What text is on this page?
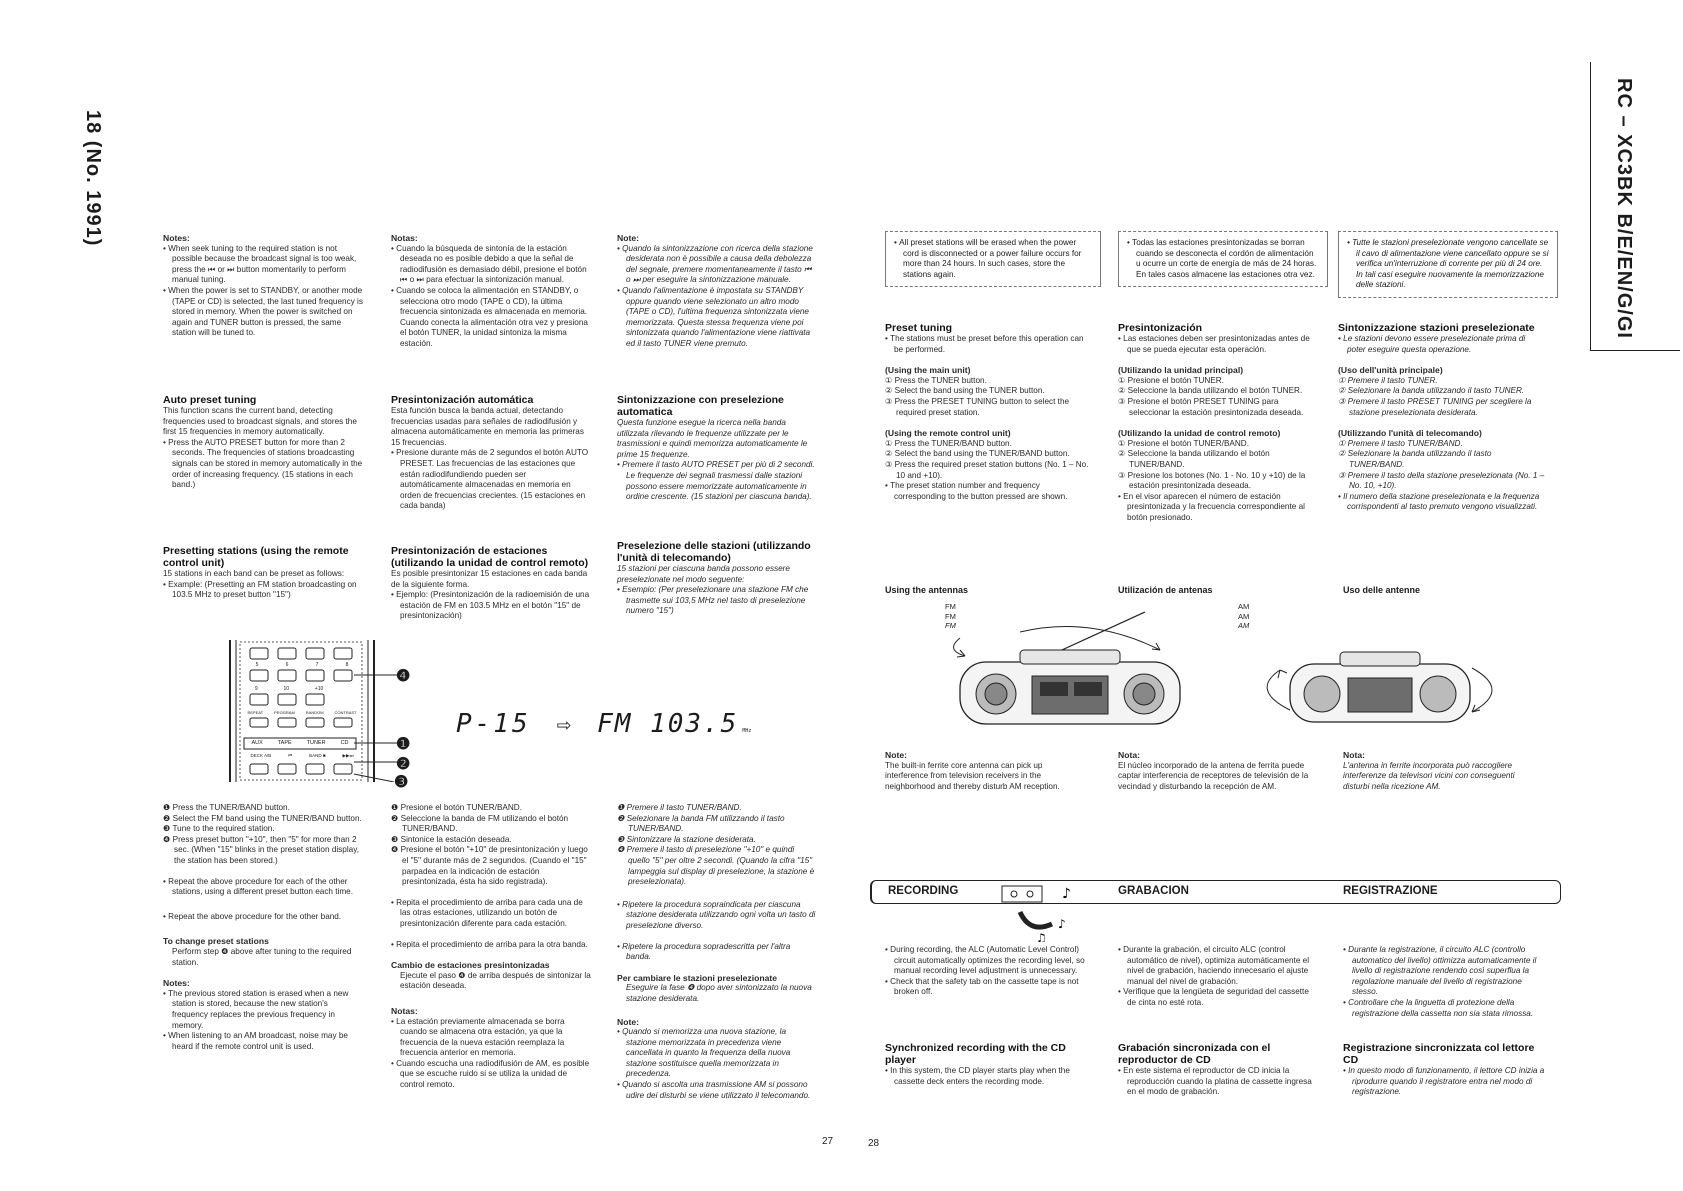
18 (No. 1991)	RC – XC3BK B/E/EN/G/GI

Notes:

• When seek tuning to the required station is not possible because the broadcast signal is too weak, press the ⏮ or ⏭ button momentarily to perform manual tuning.

• When the power is set to STANDBY, or another mode (TAPE or CD) is selected, the last tuned frequency is stored in memory. When the power is switched on again and TUNER button is pressed, the same station will be tuned to.

Auto preset tuning

This function scans the current band, detecting frequencies used to broadcast signals, and stores the first 15 frequencies in memory automatically.

• Press the AUTO PRESET button for more than 2 seconds. The frequencies of stations broadcasting signals can be stored in memory automatically in the order of increasing frequency. (15 stations in each band.)

Presetting stations (using the remote control unit)

15 stations in each band can be preset as follows:

• Example: (Presetting an FM station broadcasting on 103.5 MHz to preset button "15")

❶ Press the TUNER/BAND button.

❷ Select the FM band using the TUNER/BAND button.

❸ Tune to the required station.

❹ Press preset button "+10", then "5" for more than 2 sec. (When "15" blinks in the preset station display, the station has been stored.)

• Repeat the above procedure for each of the other stations, using a different preset button each time.

• Repeat the above procedure for the other band.

To change preset stations

Perform step ❹ above after tuning to the required station.

Notes:

• The previous stored station is erased when a new station is stored, because the new station's frequency replaces the previous frequency in memory.

• When listening to an AM broadcast, noise may be heard if the remote control unit is used.

Notas:

• Cuando la búsqueda de sintonía de la estación deseada no es posible debido a que la señal de radiodifusión es demasiado débil, presione el botón ⏮ o ⏭ para efectuar la sintonización manual.

• Cuando se coloca la alimentación en STANDBY, o selecciona otro modo (TAPE o CD), la última frecuencia sintonizada es almacenada en memoria. Cuando conecta la alimentación otra vez y presiona el botón TUNER, la unidad sintoniza la misma estación.

Presintonización automática

Esta función busca la banda actual, detectando frecuencias usadas para señales de radiodifusión y almacena automáticamente en memoria las primeras 15 frecuencias.

• Presione durante más de 2 segundos el botón AUTO PRESET. Las frecuencias de las estaciones que están radiodifundiendo pueden ser automáticamente almacenadas en memoria en orden de frecuencias crecientes. (15 estaciones en cada banda)

Presintonización de estaciones (utilizando la unidad de control remoto)

Es posible presintonizar 15 estaciones en cada banda de la siguiente forma.

• Ejemplo: (Presintonización de la radioemisión de una estación de FM en 103.5 MHz en el botón "15" de presintonización)

❶ Presione el botón TUNER/BAND.

❷ Seleccione la banda de FM utilizando el botón TUNER/BAND.

❸ Sintonice la estación deseada.

❹ Presione el botón "+10" de presintonización y luego el "5" durante más de 2 segundos. (Cuando el "15" parpadea en la indicación de estación presintonizada, ésta ha sido registrada).

• Repita el procedimiento de arriba para cada una de las otras estaciones, utilizando un botón de presintonización diferente para cada estación.

• Repita el procedimiento de arriba para la otra banda.

Cambio de estaciones presintonizadas

Ejecute el paso ❹ de arriba después de sintonizar la estación deseada.

Notas:

• La estación previamente almacenada se borra cuando se almacena otra estación, ya que la frecuencia de la nueva estación reemplaza la frecuencia anterior en memoria.

• Cuando escucha una radiodifusión de AM, es posible que se escuche ruido si se utiliza la unidad de control remoto.

Note:

• Quando la sintonizzazione con ricerca della stazione desiderata non è possibile a causa della debolezza del segnale, premere momentaneamente il tasto ⏮ o ⏭ per eseguire la sintonizzazione manuale.

• Quando l'alimentazione è impostata su STANDBY oppure quando viene selezionato un altro modo (TAPE o CD), l'ultima frequenza sintonizzata viene memorizzata. Questa stessa frequenza viene poi sintonizzata quando l'alimentazione viene riattivata ed il tasto TUNER viene premuto.

Sintonizzazione con preselezione automatica

Questa funzione esegue la ricerca nella banda utilizzata rilevando le frequenze utilizzate per le trasmissioni e quindi memorizza automaticamente le prime 15 frequenze.

• Premere il tasto AUTO PRESET per più di 2 secondi. Le frequenze dei segnali trasmessi dalle stazioni possono essere memorizzate automaticamente in ordine crescente. (15 stazioni per ciascuna banda).

Preselezione delle stazioni (utilizzando l'unità di telecomando)

15 stazioni per ciascuna banda possono essere preselezionate nel modo seguente:

• Esempio: (Per preselezionare una stazione FM che trasmette sui 103,5 MHz nel tasto di preselezione numero "15")

❶ Premere il tasto TUNER/BAND.

❷ Selezionare la banda FM utilizzando il tasto TUNER/BAND.

❸ Sintonizzare la stazione desiderata.

❹ Premere il tasto di preselezione "+10" e quindi quello "5" per oltre 2 secondi. (Quando la cifra "15" lampeggia sul display di preselezione, la stazione è preselezionata).

• Ripetere la procedura sopraindicata per ciascuna stazione desiderata utilizzando ogni volta un tasto di preselezione diverso.

• Ripetere la procedura sopradescritta per l'altra banda.

Per cambiare le stazioni preselezionate

Eseguire la fase ❹ dopo aver sintonizzato la nuova stazione desiderata.

Note:

• Quando si memorizza una nuova stazione, la stazione memorizzata in precedenza viene cancellata in quanto la frequenza della nuova stazione sostituisce quella memorizzata in precedenza.

• Quando si ascolta una trasmissione AM si possono udire dei disturbi se viene utilizzato il telecomando.

5	6	7	8
9	10	+10
REPEAT	PROGRAM	RANDOM	CONTRAST
AUX	TAPE	TUNER	CD
DECK A/B	⏮	BAND ■	▶▶⏭
❹
❶
❷
❸
P-15 ⇨ FM 103.5 MHz
27	28

• All preset stations will be erased when the power cord is disconnected or a power failure occurs for more than 24 hours. In such cases, store the stations again.

• Todas las estaciones presintonizadas se borran cuando se desconecta el cordón de alimentación u ocurre un corte de energía de más de 24 horas. En tales casos almacene las estaciones otra vez.

• Tutte le stazioni preselezionate vengono cancellate se il cavo di alimentazione viene cancellato oppure se si verifica un'interruzione di corrente per più di 24 ore. In tali casi eseguire nuovamente la memorizzazione delle stazioni.

Preset tuning

• The stations must be preset before this operation can be performed.

(Using the main unit)

① Press the TUNER button.

② Select the band using the TUNER button.

③ Press the PRESET TUNING button to select the required preset station.

(Using the remote control unit)

① Press the TUNER/BAND button.

② Select the band using the TUNER/BAND button.

③ Press the required preset station buttons (No. 1 – No. 10 and +10).

• The preset station number and frequency corresponding to the button pressed are shown.

Presintonización

• Las estaciones deben ser presintonizadas antes de que se pueda ejecutar esta operación.

(Utilizando la unidad principal)

① Presione el botón TUNER.

② Seleccione la banda utilizando el botón TUNER.

③ Presione el botón PRESET TUNING para seleccionar la estación presintonizada deseada.

(Utilizando la unidad de control remoto)

① Presione el botón TUNER/BAND.

② Seleccione la banda utilizando el botón TUNER/BAND.

③ Presione los botones (No. 1 - No. 10 y +10) de la estación presintonizada deseada.

• En el visor aparecen el número de estación presintonizada y la frecuencia correspondiente al botón presionado.

Sintonizzazione stazioni preselezionate

• Le stazioni devono essere preselezionate prima di poter eseguire questa operazione.

(Uso dell'unità principale)

① Premere il tasto TUNER.

② Selezionare la banda utilizzando il tasto TUNER.

③ Premere il tasto PRESET TUNING per scegliere la stazione preselezionata desiderata.

(Utilizzando l'unità di telecomando)

① Premere il tasto TUNER/BAND.

② Selezionare la banda utilizzando il tasto TUNER/BAND.

③ Premere il tasto della stazione preselezionata (No. 1 – No. 10, +10).

• Il numero della stazione preselezionata e la frequenza corrispondenti al tasto premuto vengono visualizzati.

Using the antennas	Utilización de antenas	Uso delle antenne
FM
FM
FM
AM
AM
AM

Note:

The built-in ferrite core antenna can pick up interference from television receivers in the neighborhood and thereby disturb AM reception.

Nota:

El núcleo incorporado de la antena de ferrita puede captar interferencia de receptores de televisión de la vecindad y disturbando la recepción de AM.

Nota:

L'antenna in ferrite incorporata può raccogliere interferenze da televisori vicini con conseguenti disturbi nella ricezione AM.

RECORDING	GRABACION	REGISTRAZIONE
♪
♪
♫

• During recording, the ALC (Automatic Level Control) circuit automatically optimizes the recording level, so manual recording level adjustment is unnecessary.

• Check that the safety tab on the cassette tape is not broken off.

• Durante la grabación, el circuito ALC (control automático de nivel), optimiza automáticamente el nivel de grabación, haciendo innecesario el ajuste manual del nivel de grabación.

• Verifique que la lengüeta de seguridad del cassette de cinta no esté rota.

• Durante la registrazione, il circuito ALC (controllo automatico del livello) ottimizza automaticamente il livello di registrazione rendendo così superflua la regolazione manuale del livello di registrazione stesso.

• Controllare che la linguetta di protezione della registrazione della cassetta non sia stata rimossa.

Synchronized recording with the CD player

• In this system, the CD player starts play when the cassette deck enters the recording mode.

Grabación sincronizada con el reproductor de CD

• En este sistema el reproductor de CD inicia la reproducción cuando la platina de cassette ingresa en el modo de grabación.

Registrazione sincronizzata col lettore CD

• In questo modo di funzionamento, il lettore CD inizia a riprodurre quando il registratore entra nel modo di registrazione.
